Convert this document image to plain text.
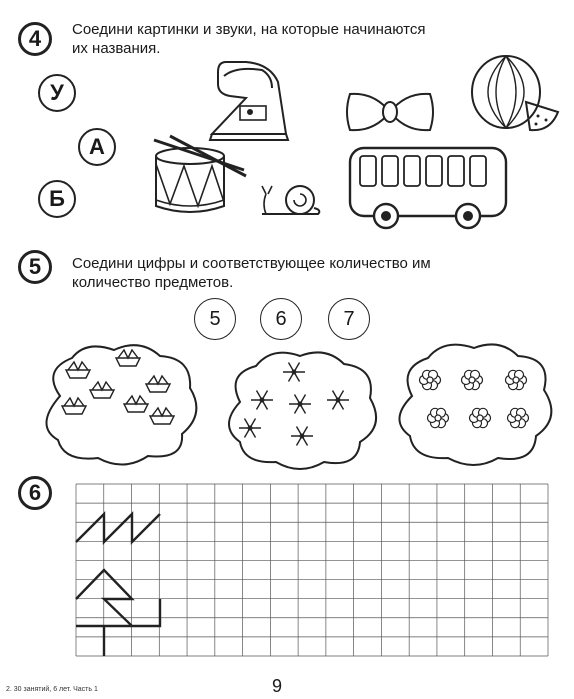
4	Соедини картинки и звуки, на которые начинаются
их названия.
У
А
Б
5	Соедини цифры и соответствующее количество им
количество предметов.
5	6	7
6
2. 30 занятий, 6 лет. Часть 1	9
